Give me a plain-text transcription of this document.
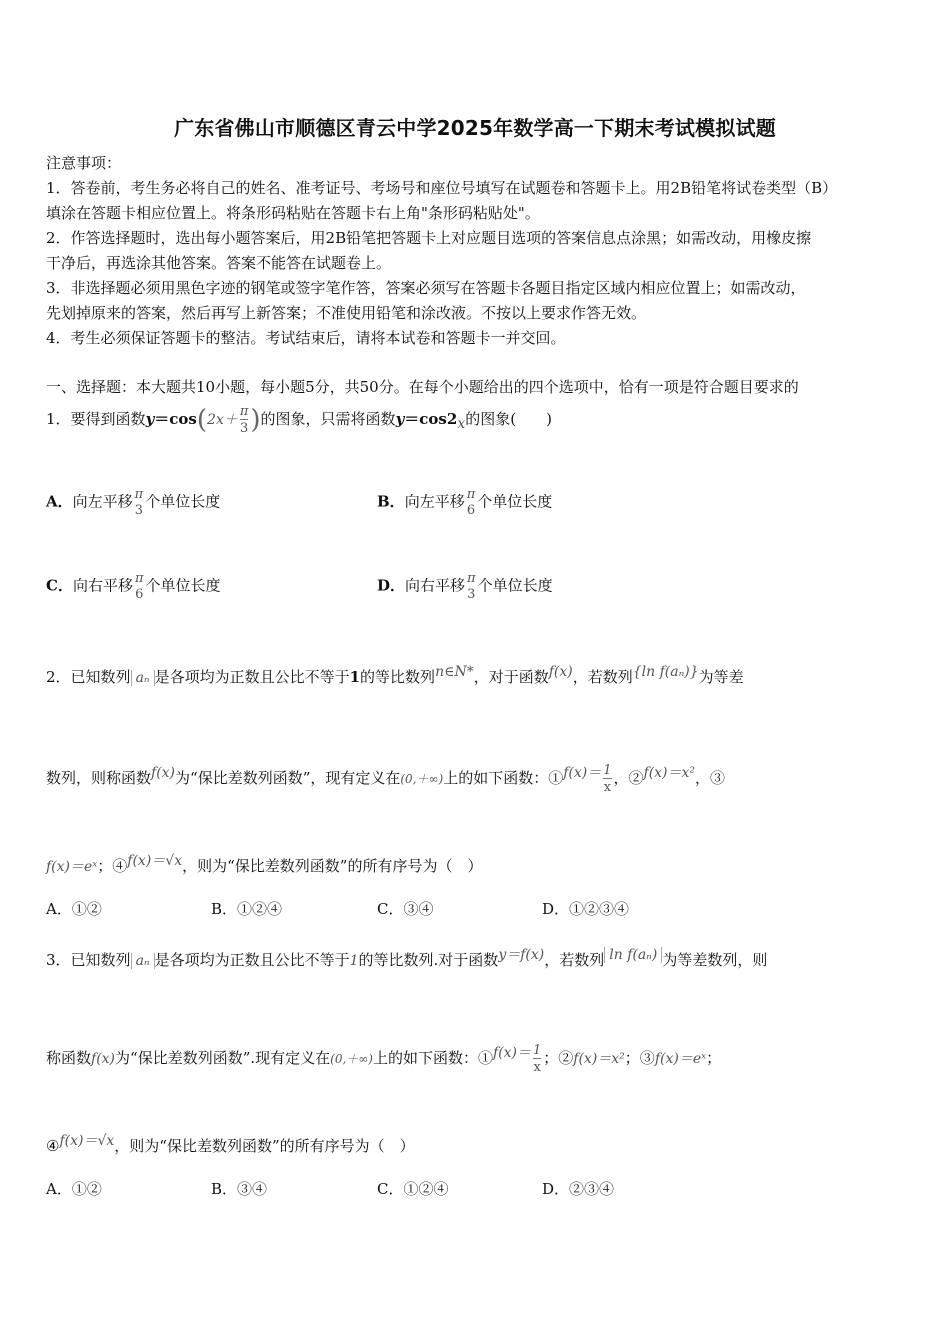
广东省佛山市顺德区青云中学2025年数学高一下期末考试模拟试题
注意事项：
1．答卷前，考生务必将自己的姓名、准考证号、考场号和座位号填写在试题卷和答题卡上。用2B铅笔将试卷类型（B）
填涂在答题卡相应位置上。将条形码粘贴在答题卡右上角"条形码粘贴处"。
2．作答选择题时，选出每小题答案后，用2B铅笔把答题卡上对应题目选项的答案信息点涂黑；如需改动，用橡皮擦
干净后，再选涂其他答案。答案不能答在试题卷上。
3．非选择题必须用黑色字迹的钢笔或签字笔作答，答案必须写在答题卡各题目指定区域内相应位置上；如需改动，
先划掉原来的答案，然后再写上新答案；不准使用铅笔和涂改液。不按以上要求作答无效。
4．考生必须保证答题卡的整洁。考试结束后，请将本试卷和答题卡一并交回。
一、选择题：本大题共10小题，每小题5分，共50分。在每个小题给出的四个选项中，恰有一项是符合题目要求的
1．要得到函数$y=\cos(2x+ \frac{\pi}{3}$ )的图象，只需将函数$y=\cos 2_x$的图象(　　)
A．向左平移 π
3 个单位长度	B．向左平移 π
6 个单位长度
C．向右平移 π
6 个单位长度	D．向右平移 π
3 个单位长度
2．已知数列 aₙ 是各项均为正数且公比不等于1的等比数列n∈N*，对于函数f(x)，若数列{ln f(aₙ)}为等差
数列，则称函数f(x)为“保比差数列函数”，现有定义在(0,＋∞)上的如下函数：①f(x)＝ $\frac{1}{x}$ ，②f(x)＝x²，③
f(x)＝eˣ；④f(x)＝√x，则为“保比差数列函数”的所有序号为（　）
A．①②	B．①②④	C．③④	D．①②③④
3．已知数列 aₙ 是各项均为正数且公比不等于1的等比数列.对于函数y＝f(x)，若数列 ln f(aₙ) 为等差数列，则
称函数f(x)为“保比差数列函数”.现有定义在(0,＋∞)上的如下函数：①f(x)＝ $\frac{1}{x}$ ；②f(x)＝x²；③f(x)＝eˣ；
④f(x)＝√x，则为“保比差数列函数”的所有序号为（　）
A．①②	B．③④	C．①②④	D．②③④
